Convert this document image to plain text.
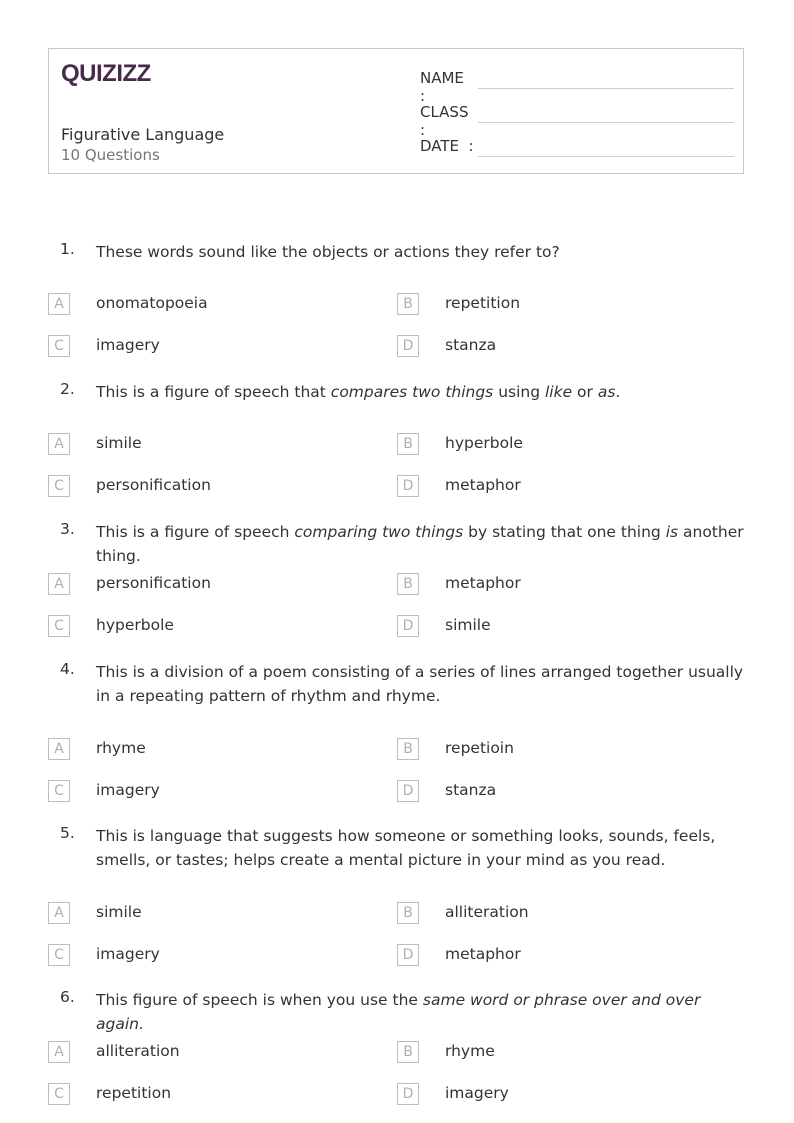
QUIZIZZ
Figurative Language
10 Questions
NAME :
CLASS :
DATE  :
1. These words sound like the objects or actions they refer to?
A	onomatopoeia	B	repetition
C	imagery	D	stanza
2. This is a figure of speech that compares two things using like or as.
A	simile	B	hyperbole
C	personification	D	metaphor
3. This is a figure of speech comparing two things by stating that one thing is another thing.
A	personification	B	metaphor
C	hyperbole	D	simile
4. This is a division of a poem consisting of a series of lines arranged together usually in a repeating pattern of rhythm and rhyme.
A	rhyme	B	repetioin
C	imagery	D	stanza
5. This is language that suggests how someone or something looks, sounds, feels, smells, or tastes; helps create a mental picture in your mind as you read.
A	simile	B	alliteration
C	imagery	D	metaphor
6. This figure of speech is when you use the same word or phrase over and over again.
A	alliteration	B	rhyme
C	repetition	D	imagery
